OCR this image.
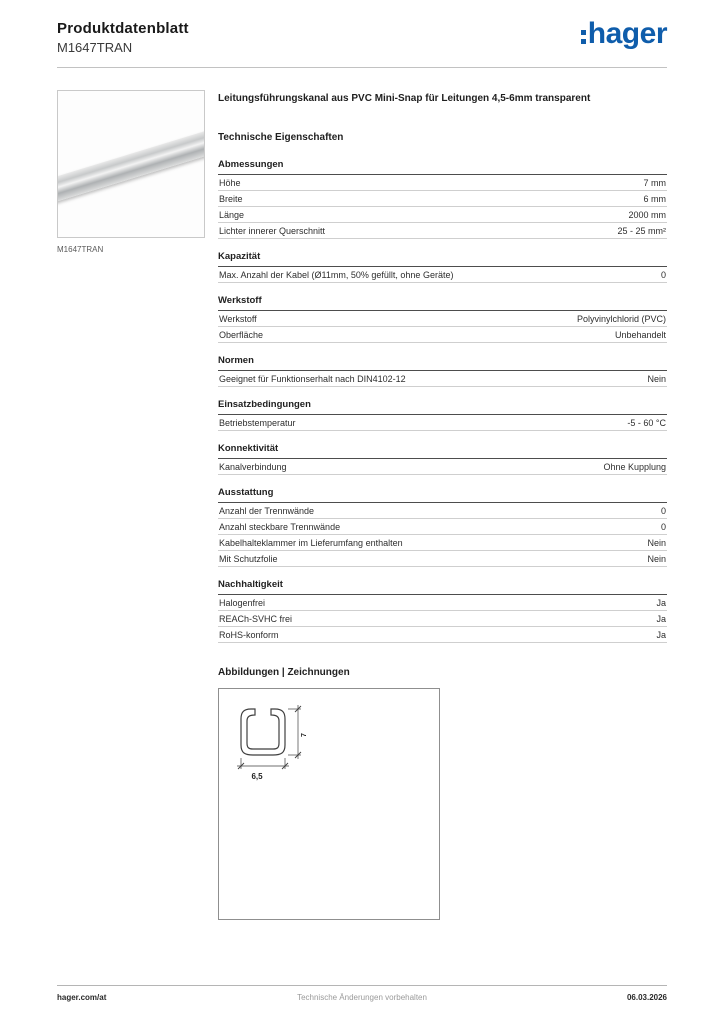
Produktdatenblatt
M1647TRAN	hager
M1647TRAN
Leitungsführungskanal aus PVC Mini-Snap für Leitungen 4,5-6mm transparent
Technische Eigenschaften
Abmessungen
Höhe	7 mm
Breite	6 mm
Länge	2000 mm
Lichter innerer Querschnitt	25 - 25 mm²
Kapazität
Max. Anzahl der Kabel (Ø11mm, 50% gefüllt, ohne Geräte)	0
Werkstoff
Werkstoff	Polyvinylchlorid (PVC)
Oberfläche	Unbehandelt
Normen
Geeignet für Funktionserhalt nach DIN4102-12	Nein
Einsatzbedingungen
Betriebstemperatur	-5 - 60 °C
Konnektivität
Kanalverbindung	Ohne Kupplung
Ausstattung
Anzahl der Trennwände	0
Anzahl steckbare Trennwände	0
Kabelhalteklammer im Lieferumfang enthalten	Nein
Mit Schutzfolie	Nein
Nachhaltigkeit
Halogenfrei	Ja
REACh-SVHC frei	Ja
RoHS-konform	Ja
Abbildungen | Zeichnungen
6,5
7
hager.com/at	Technische Änderungen vorbehalten	06.03.2026
